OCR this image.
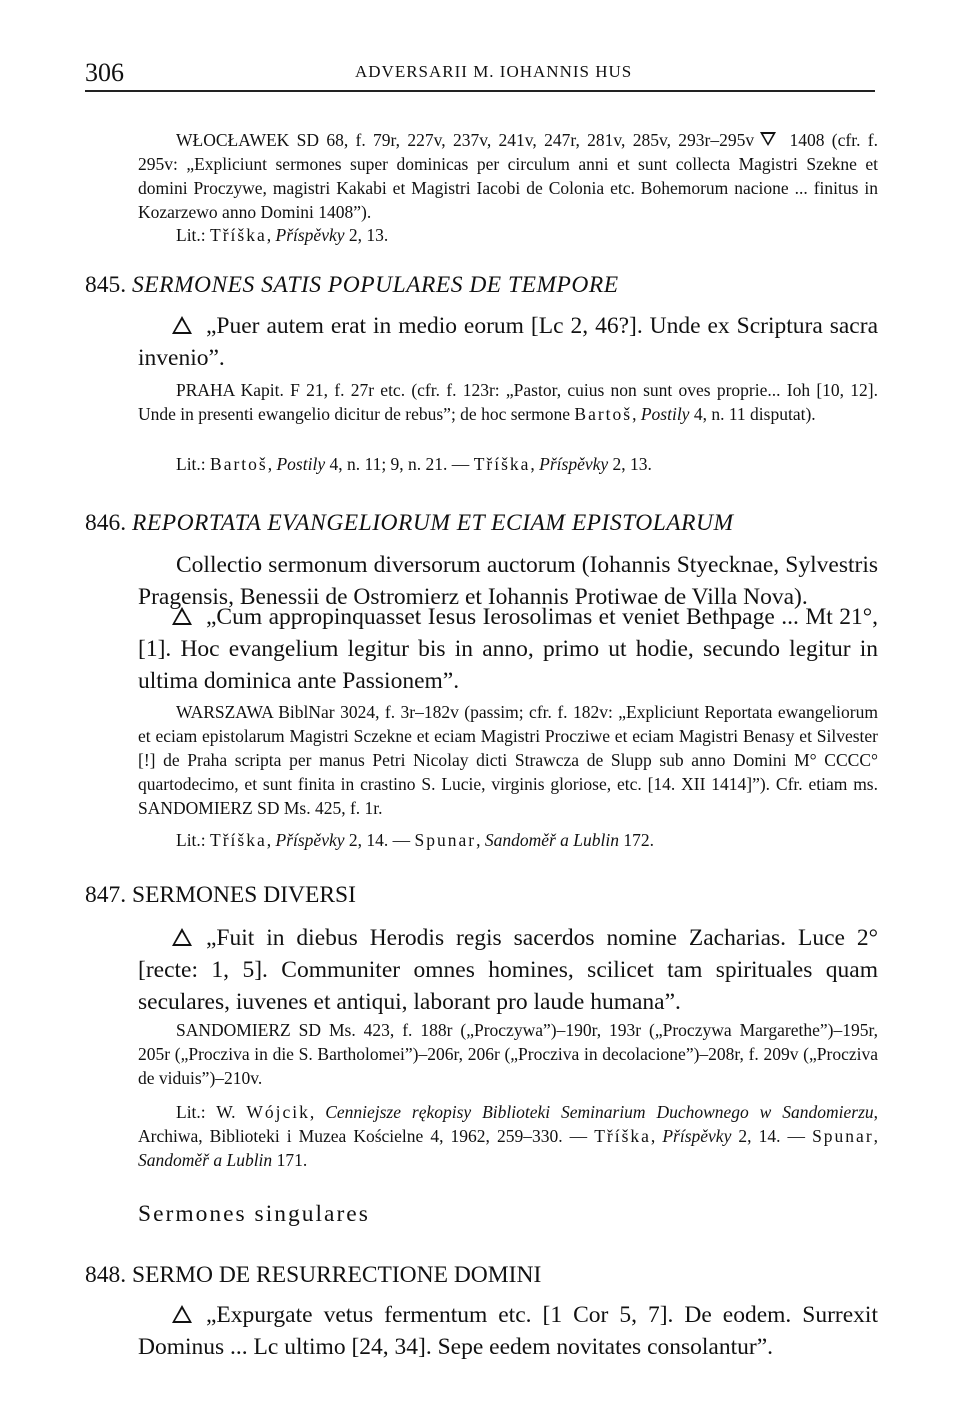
306	ADVERSARII M. IOHANNIS HUS
WŁOCŁAWEK SD 68, f. 79r, 227v, 237v, 241v, 247r, 281v, 285v, 293r–295v 1408 (cfr. f. 295v: „Expliciunt sermones super dominicas per circulum anni et sunt collecta Magistri Szekne et domini Proczywe, magistri Kakabi et Magistri Iacobi de Colonia etc. Bohemorum nacione ... finitus in Kozarzewo anno Domini 1408”).
Lit.: Tříška, Příspěvky 2, 13.
845. SERMONES SATIS POPULARES DE TEMPORE
„Puer autem erat in medio eorum [Lc 2, 46?]. Unde ex Scriptura sacra invenio”.
PRAHA Kapit. F 21, f. 27r etc. (cfr. f. 123r: „Pastor, cuius non sunt oves proprie... Ioh [10, 12]. Unde in presenti ewangelio dicitur de rebus”; de hoc sermone Bartoš, Postily 4, n. 11 disputat).
Lit.: Bartoš, Postily 4, n. 11; 9, n. 21. — Tříška, Příspěvky 2, 13.
846. REPORTATA EVANGELIORUM ET ECIAM EPISTOLARUM
Collectio sermonum diversorum auctorum (Iohannis Styecknae, Sylvestris Pragensis, Benessii de Ostromierz et Iohannis Protiwae de Villa Nova).
„Cum appropinquasset Iesus Ierosolimas et veniet Bethpage ... Mt 21°, [1]. Hoc evangelium legitur bis in anno, primo ut hodie, secundo legitur in ultima dominica ante Passionem”.
WARSZAWA BiblNar 3024, f. 3r–182v (passim; cfr. f. 182v: „Expliciunt Reportata ewangeliorum et eciam epistolarum Magistri Sczekne et eciam Magistri Procziwe et eciam Magistri Benasy et Silvester [!] de Praha scripta per manus Petri Nicolay dicti Strawcza de Slupp sub anno Domini M° CCCC° quartodecimo, et sunt finita in crastino S. Lucie, virginis gloriose, etc. [14. XII 1414]”). Cfr. etiam ms. SANDOMIERZ SD Ms. 425, f. 1r.
Lit.: Tříška, Příspěvky 2, 14. — Spunar, Sandoměř a Lublin 172.
847. SERMONES DIVERSI
„Fuit in diebus Herodis regis sacerdos nomine Zacharias. Luce 2° [recte: 1, 5]. Communiter omnes homines, scilicet tam spirituales quam seculares, iuvenes et antiqui, laborant pro laude humana”.
SANDOMIERZ SD Ms. 423, f. 188r („Proczywa”)–190r, 193r („Proczywa Margarethe”)–195r, 205r („Procziva in die S. Bartholomei”)–206r, 206r („Procziva in decolacione”)–208r, f. 209v („Procziva de viduis”)–210v.
Lit.: W. Wójcik, Cenniejsze rękopisy Biblioteki Seminarium Duchownego w Sandomierzu, Archiwa, Biblioteki i Muzea Kościelne 4, 1962, 259–330. — Tříška, Příspěvky 2, 14. — Spunar, Sandoměř a Lublin 171.
Sermones singulares
848. SERMO DE RESURRECTIONE DOMINI
„Expurgate vetus fermentum etc. [1 Cor 5, 7]. De eodem. Surrexit Dominus ... Lc ultimo [24, 34]. Sepe eedem novitates consolantur”.
